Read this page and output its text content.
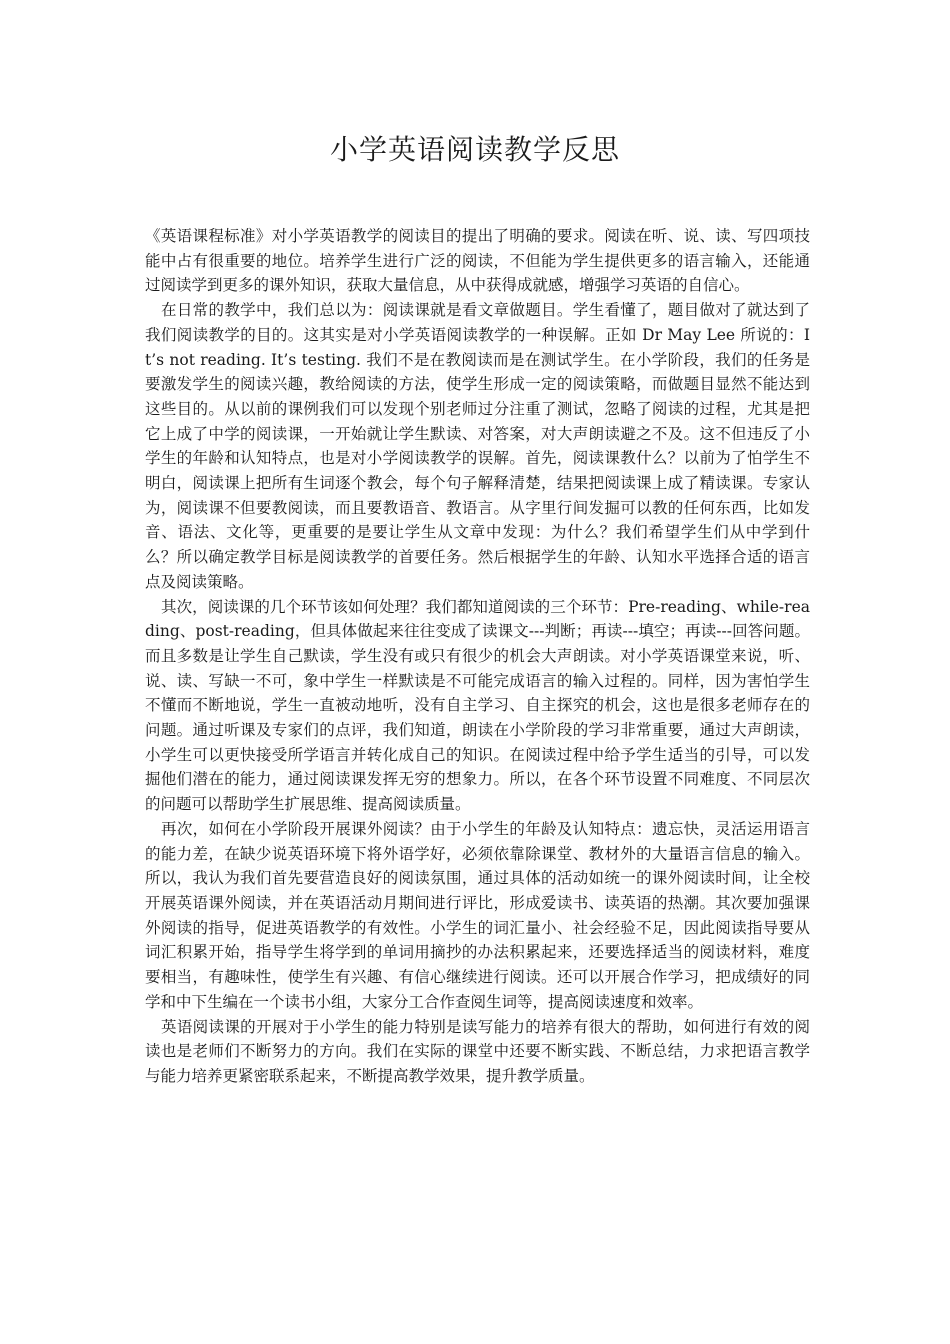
小学英语阅读教学反思

《英语课程标准》对小学英语教学的阅读目的提出了明确的要求。阅读在听、说、读、写四项技能中占有很重要的地位。培养学生进行广泛的阅读，不但能为学生提供更多的语言输入，还能通过阅读学到更多的课外知识，获取大量信息，从中获得成就感，增强学习英语的自信心。

在日常的教学中，我们总以为：阅读课就是看文章做题目。学生看懂了，题目做对了就达到了我们阅读教学的目的。这其实是对小学英语阅读教学的一种误解。正如 Dr May Lee 所说的：It’s not reading. It’s testing. 我们不是在教阅读而是在测试学生。在小学阶段，我们的任务是要激发学生的阅读兴趣，教给阅读的方法，使学生形成一定的阅读策略，而做题目显然不能达到这些目的。从以前的课例我们可以发现个别老师过分注重了测试，忽略了阅读的过程，尤其是把它上成了中学的阅读课，一开始就让学生默读、对答案，对大声朗读避之不及。这不但违反了小学生的年龄和认知特点，也是对小学阅读教学的误解。首先，阅读课教什么？以前为了怕学生不明白，阅读课上把所有生词逐个教会，每个句子解释清楚，结果把阅读课上成了精读课。专家认为，阅读课不但要教阅读，而且要教语音、教语言。从字里行间发掘可以教的任何东西，比如发音、语法、文化等，更重要的是要让学生从文章中发现：为什么？我们希望学生们从中学到什么？所以确定教学目标是阅读教学的首要任务。然后根据学生的年龄、认知水平选择合适的语言点及阅读策略。

其次，阅读课的几个环节该如何处理？我们都知道阅读的三个环节：Pre-reading、while-reading、post-reading，但具体做起来往往变成了读课文---判断；再读---填空；再读---回答问题。而且多数是让学生自己默读，学生没有或只有很少的机会大声朗读。对小学英语课堂来说，听、说、读、写缺一不可，象中学生一样默读是不可能完成语言的输入过程的。同样，因为害怕学生不懂而不断地说，学生一直被动地听，没有自主学习、自主探究的机会，这也是很多老师存在的问题。通过听课及专家们的点评，我们知道，朗读在小学阶段的学习非常重要，通过大声朗读，小学生可以更快接受所学语言并转化成自己的知识。在阅读过程中给予学生适当的引导，可以发掘他们潜在的能力，通过阅读课发挥无穷的想象力。所以，在各个环节设置不同难度、不同层次的问题可以帮助学生扩展思维、提高阅读质量。

再次，如何在小学阶段开展课外阅读？由于小学生的年龄及认知特点：遗忘快，灵活运用语言的能力差，在缺少说英语环境下将外语学好，必须依靠除课堂、教材外的大量语言信息的输入。所以，我认为我们首先要营造良好的阅读氛围，通过具体的活动如统一的课外阅读时间，让全校开展英语课外阅读，并在英语活动月期间进行评比，形成爱读书、读英语的热潮。其次要加强课外阅读的指导，促进英语教学的有效性。小学生的词汇量小、社会经验不足，因此阅读指导要从词汇积累开始，指导学生将学到的单词用摘抄的办法积累起来，还要选择适当的阅读材料，难度要相当，有趣味性，使学生有兴趣、有信心继续进行阅读。还可以开展合作学习，把成绩好的同学和中下生编在一个读书小组，大家分工合作查阅生词等，提高阅读速度和效率。

英语阅读课的开展对于小学生的能力特别是读写能力的培养有很大的帮助，如何进行有效的阅读也是老师们不断努力的方向。我们在实际的课堂中还要不断实践、不断总结，力求把语言教学与能力培养更紧密联系起来，不断提高教学效果，提升教学质量。
